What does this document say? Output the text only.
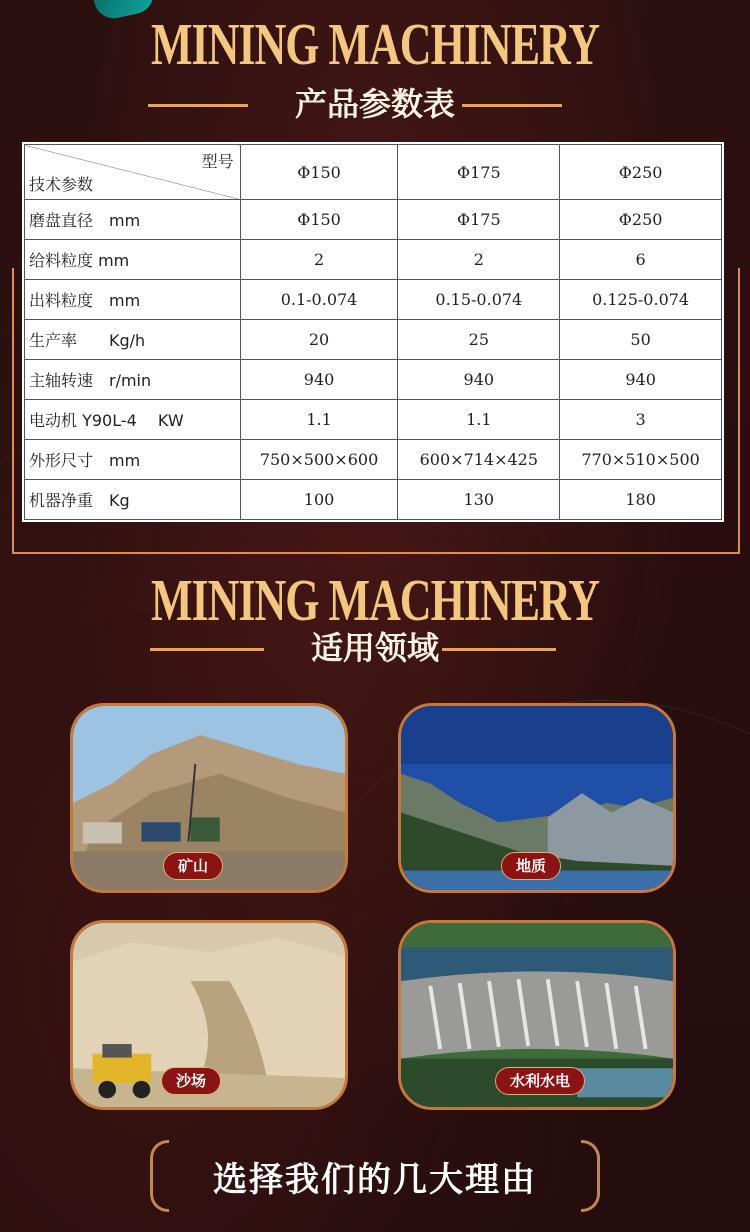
MINING MACHINERY
产品参数表
型号
技术参数	Φ150	Φ175	Φ250
磨盘直径　mm	Φ150	Φ175	Φ250
给料粒度 mm	2	2	6
出料粒度　mm	0.1-0.074	0.15-0.074	0.125-0.074
生产率　　Kg/h	20	25	50
主轴转速　r/min	940	940	940
电动机 Y90L-4　 KW	1.1	1.1	3
外形尺寸　mm	750×500×600	600×714×425	770×510×500
机器净重　Kg	100	130	180
MINING MACHINERY
适用领域
矿山	地质
沙场	水利水电
选择我们的几大理由
